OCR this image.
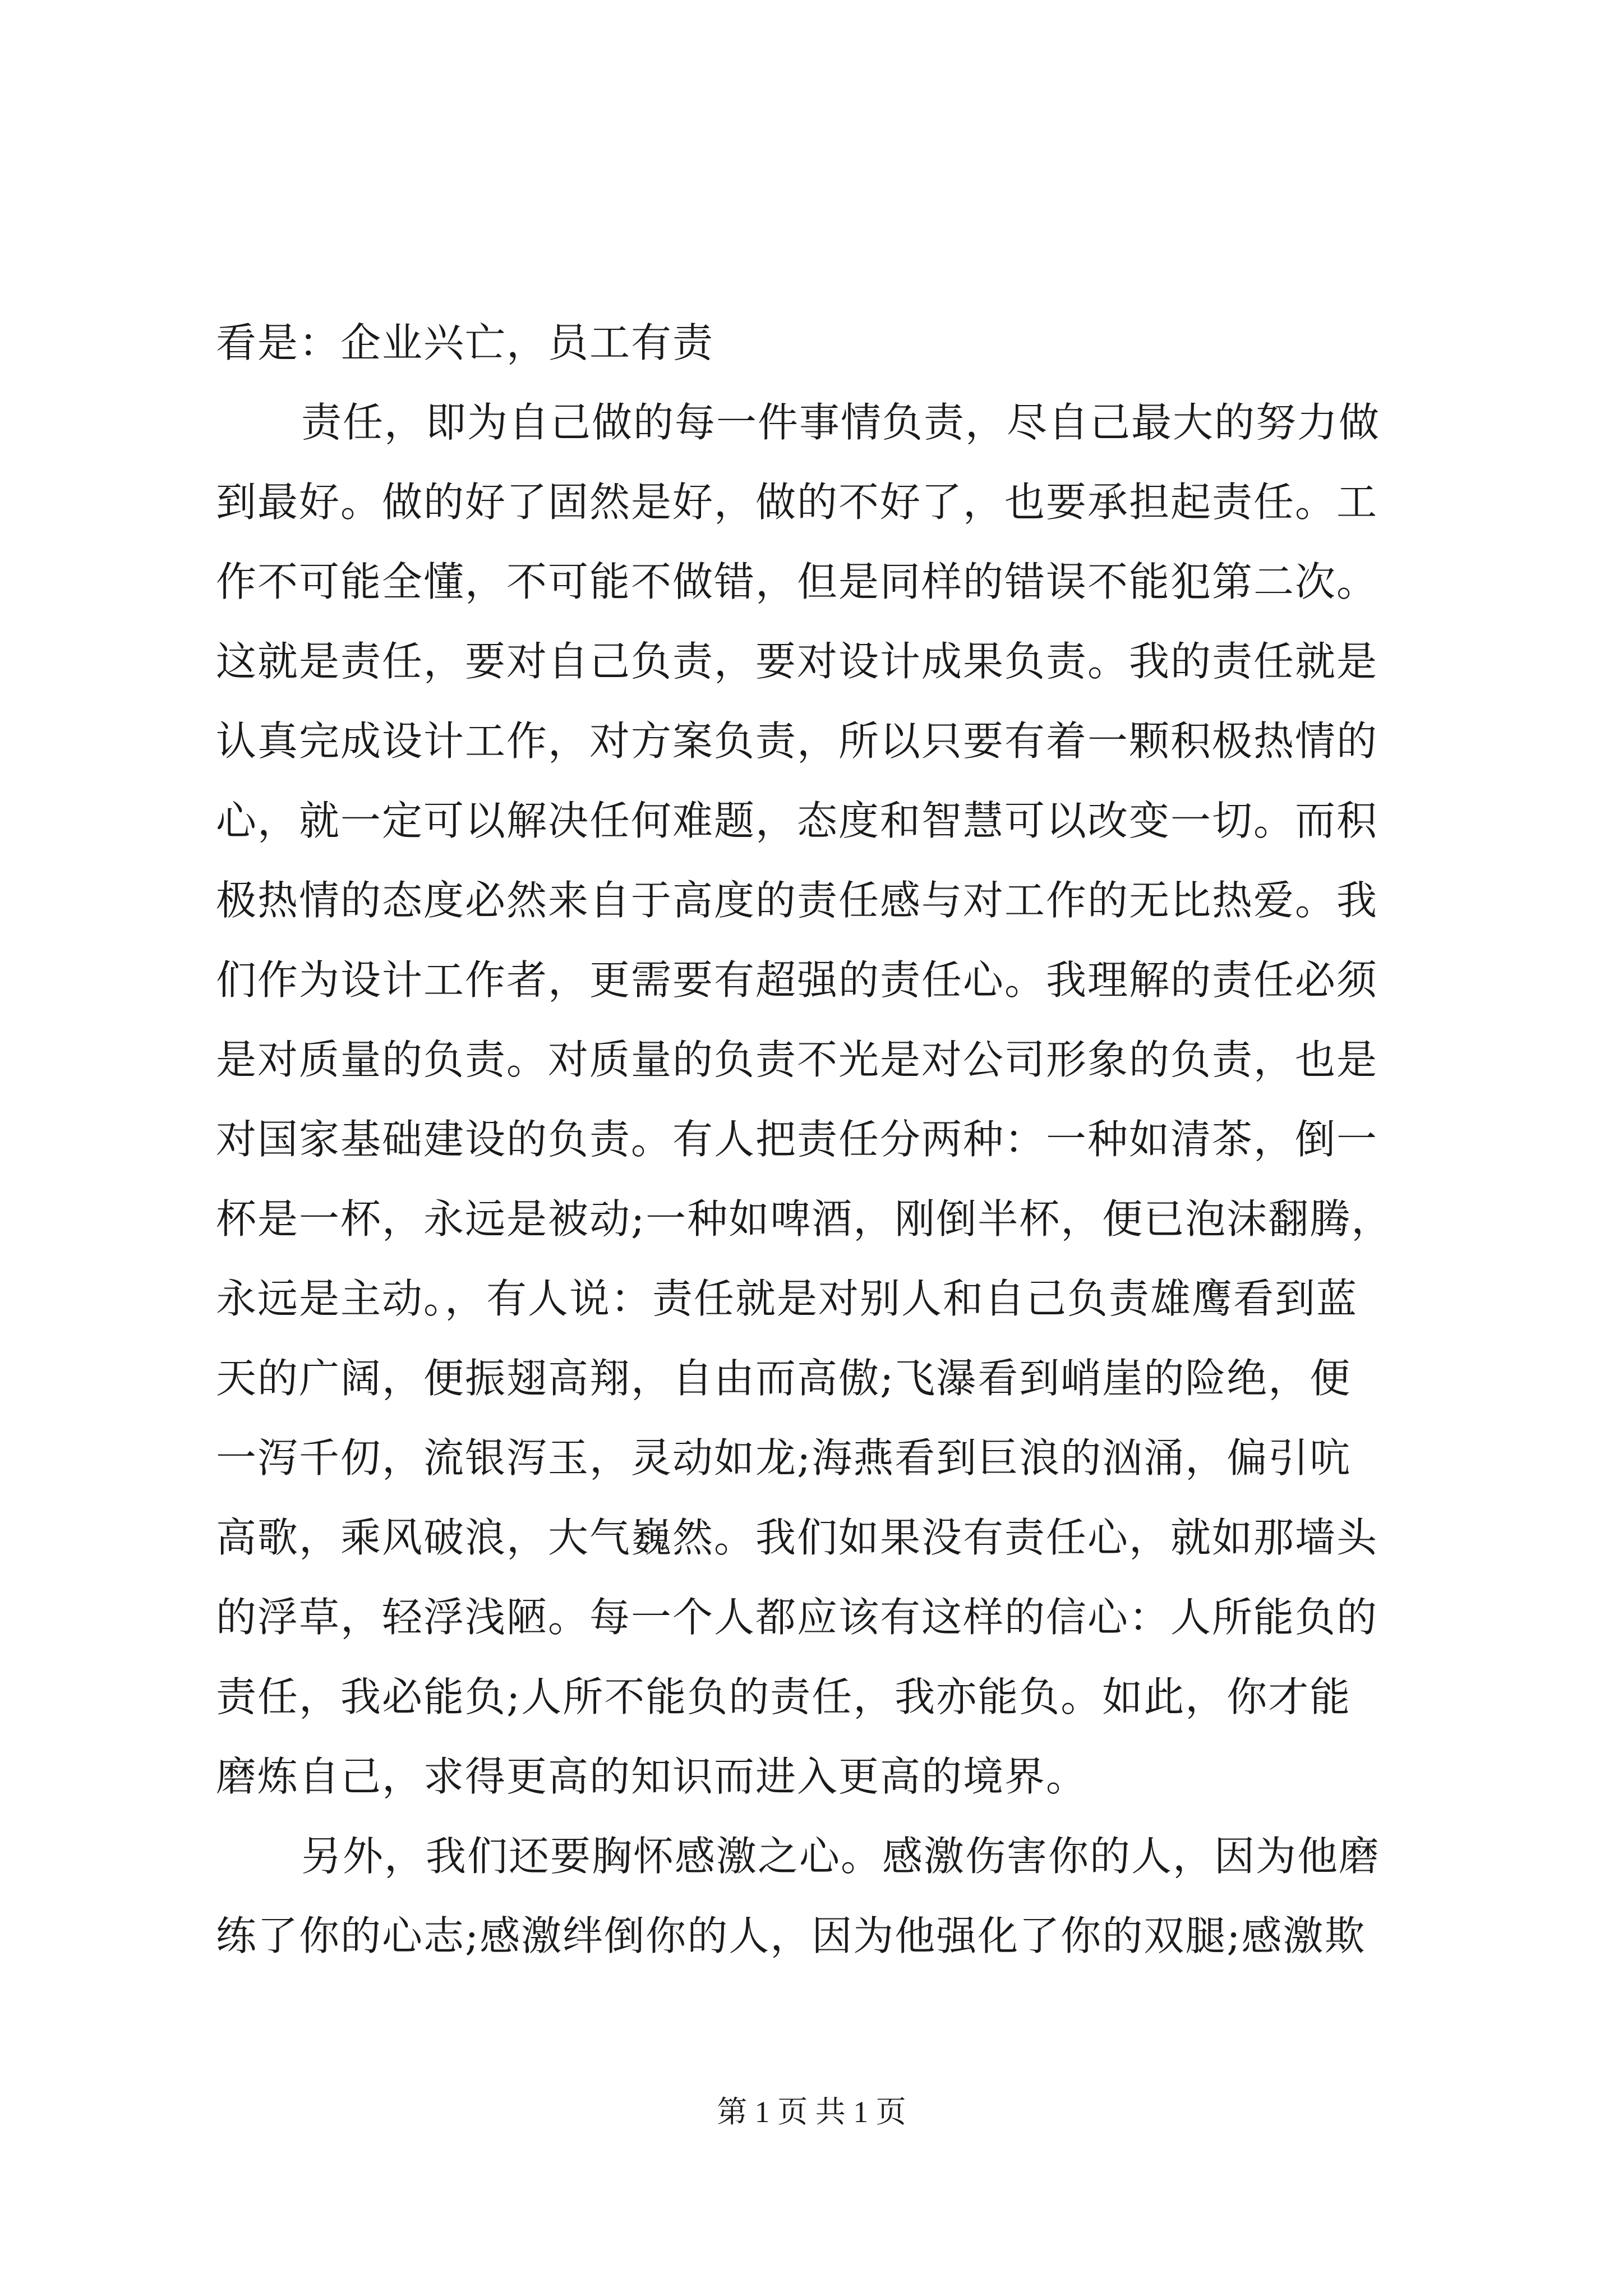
看是：企业兴亡，员工有责
责任，即为自己做的每一件事情负责，尽自己最大的努力做
到最好。做的好了固然是好，做的不好了，也要承担起责任。工
作不可能全懂，不可能不做错，但是同样的错误不能犯第二次。
这就是责任，要对自己负责，要对设计成果负责。我的责任就是
认真完成设计工作，对方案负责，所以只要有着一颗积极热情的
心，就一定可以解决任何难题，态度和智慧可以改变一切。而积
极热情的态度必然来自于高度的责任感与对工作的无比热爱。我
们作为设计工作者，更需要有超强的责任心。我理解的责任必须
是对质量的负责。对质量的负责不光是对公司形象的负责，也是
对国家基础建设的负责。有人把责任分两种：一种如清茶，倒一
杯是一杯，永远是被动;一种如啤酒，刚倒半杯，便已泡沫翻腾，
永远是主动。，有人说：责任就是对别人和自己负责雄鹰看到蓝
天的广阔，便振翅高翔，自由而高傲;飞瀑看到峭崖的险绝，便
一泻千仞，流银泻玉，灵动如龙;海燕看到巨浪的汹涌，偏引吭
高歌，乘风破浪，大气巍然。我们如果没有责任心，就如那墙头
的浮草，轻浮浅陋。每一个人都应该有这样的信心：人所能负的
责任，我必能负;人所不能负的责任，我亦能负。如此，你才能
磨炼自己，求得更高的知识而进入更高的境界。
另外，我们还要胸怀感激之心。感激伤害你的人，因为他磨
练了你的心志;感激绊倒你的人，因为他强化了你的双腿;感激欺
第 1 页 共 1 页
